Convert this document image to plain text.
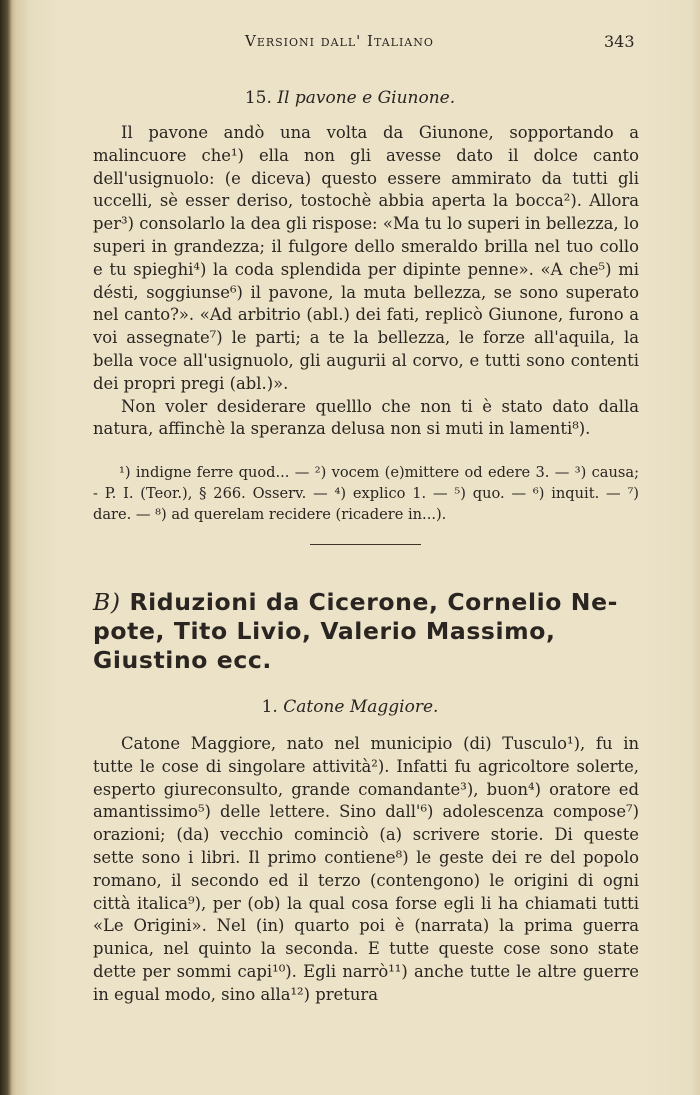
Versioni dall' Italiano	343
15. Il pavone e Giunone.

Il pavone andò una volta da Giunone, sopportando a malincuore che¹) ella non gli avesse dato il dolce canto dell'usignuolo: (e diceva) questo essere ammirato da tutti gli uccelli, sè esser deriso, tostochè abbia aperta la bocca²). Allora per³) consolarlo la dea gli rispose: «Ma tu lo superi in bellezza, lo superi in grandezza; il fulgore dello smeraldo brilla nel tuo collo e tu spieghi⁴) la coda splendida per dipinte penne». «A che⁵) mi désti, soggiunse⁶) il pavone, la muta bellezza, se sono superato nel canto?». «Ad arbitrio (abl.) dei fati, replicò Giunone, furono a voi assegnate⁷) le parti; a te la bellezza, le forze all'aquila, la bella voce all'usignuolo, gli augurii al corvo, e tutti sono contenti dei propri pregi (abl.)».

Non voler desiderare quelllo che non ti è stato dato dalla natura, affinchè la speranza delusa non si muti in lamenti⁸).

¹) indigne ferre quod... — ²) vocem (e)mittere od edere 3. — ³) causa; - P. I. (Teor.), § 266. Osserv. — ⁴) explico 1. — ⁵) quo. — ⁶) inquit. — ⁷) dare. — ⁸) ad querelam recidere (ricadere in...).

B) Riduzioni da Cicerone, Cornelio Ne-
pote, Tito Livio, Valerio Massimo,
Giustino ecc.
1. Catone Maggiore.

Catone Maggiore, nato nel municipio (di) Tusculo¹), fu in tutte le cose di singolare attività²). Infatti fu agricoltore solerte, esperto giureconsulto, grande comandante³), buon⁴) oratore ed amantissimo⁵) delle lettere. Sino dall'⁶) adolescenza compose⁷) orazioni; (da) vecchio cominciò (a) scrivere storie. Di queste sette sono i libri. Il primo contiene⁸) le geste dei re del popolo romano, il secondo ed il terzo (contengono) le origini di ogni città italica⁹), per (ob) la qual cosa forse egli li ha chiamati tutti «Le Origini». Nel (in) quarto poi è (narrata) la prima guerra punica, nel quinto la seconda. E tutte queste cose sono state dette per sommi capi¹⁰). Egli narrò¹¹) anche tutte le altre guerre in egual modo, sino alla¹²) pretura
